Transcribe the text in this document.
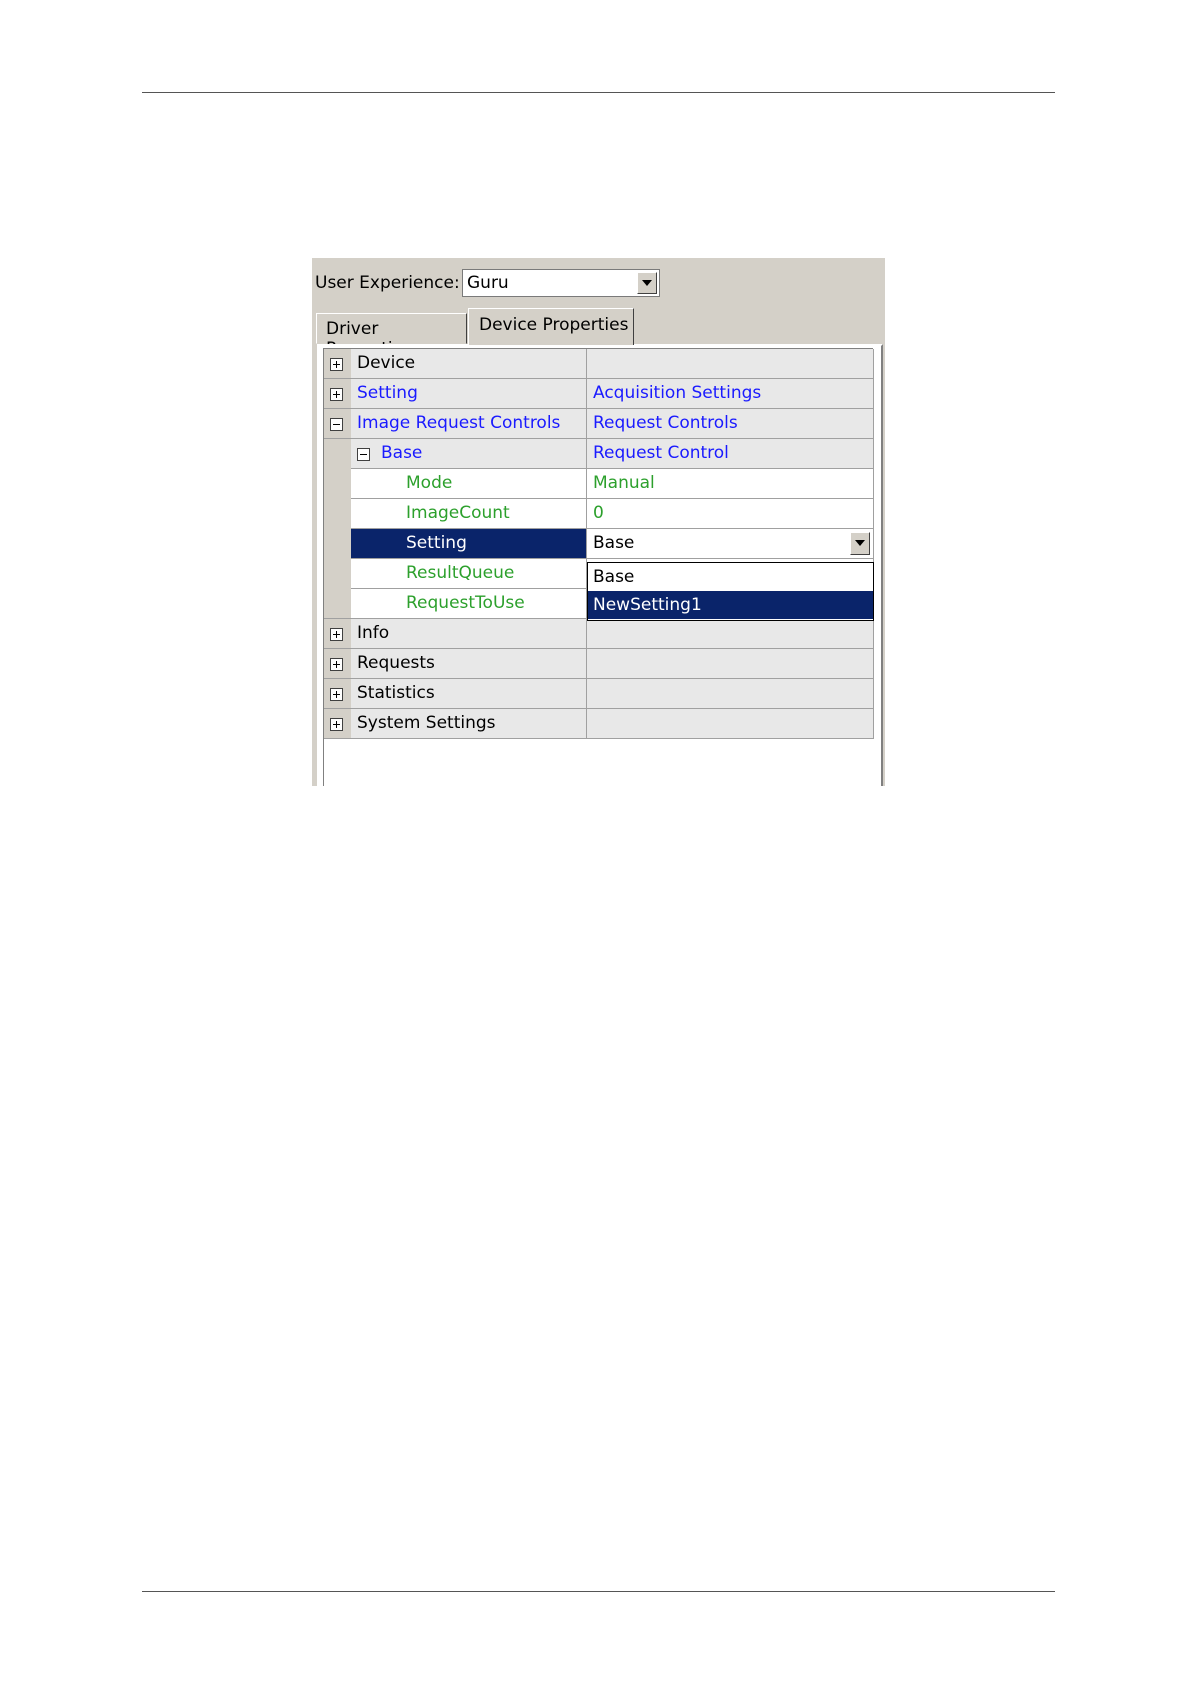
User Experience: Guru
Driver	Device Properties
Device
Setting	Acquisition Settings
Image Request Controls	Request Controls
Base	Request Control
Mode	Manual
ImageCount	0
Setting	Base
ResultQueue
RequestToUse
Info
Requests
Statistics
System Settings
Base
NewSetting1
